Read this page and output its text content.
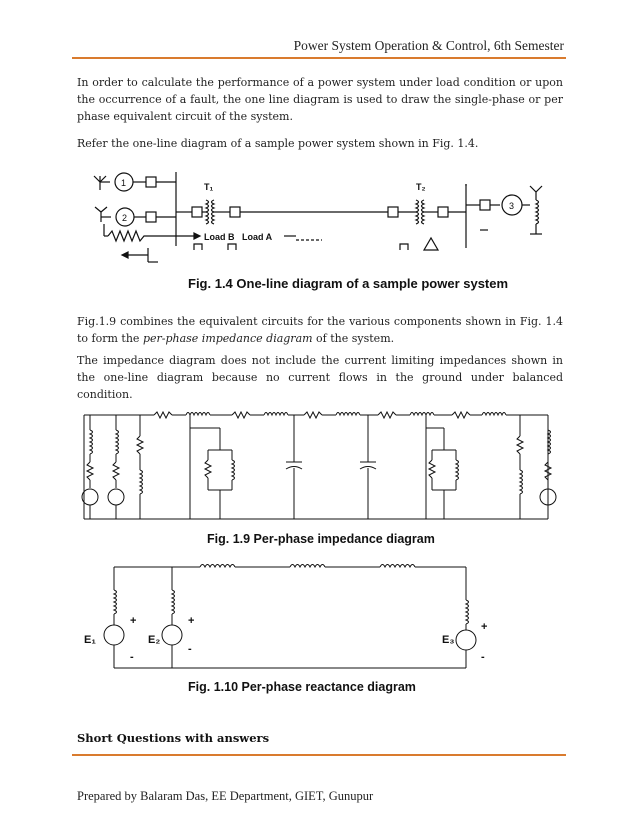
Power System Operation & Control, 6th Semester
In order to calculate the performance of a power system under load condition or upon the occurrence of a fault, the one line diagram is used to draw the single-phase or per phase equivalent circuit of the system.
Refer the one-line diagram of a sample power system shown in Fig. 1.4.
1
2
3
T₁	T₂
Load B Load A
Fig. 1.4 One-line diagram of a sample power system
Fig.1.9 combines the equivalent circuits for the various components shown in Fig. 1.4 to form the per-phase impedance diagram of the system.
The impedance diagram does not include the current limiting impedances shown in the one-line diagram because no current flows in the ground under balanced condition.
Fig. 1.9 Per-phase impedance diagram
E₁	E₂	E₃
+
-
+
-
+
-
Fig. 1.10 Per-phase reactance diagram
Short Questions with answers
Prepared by Balaram Das, EE Department, GIET, Gunupur
